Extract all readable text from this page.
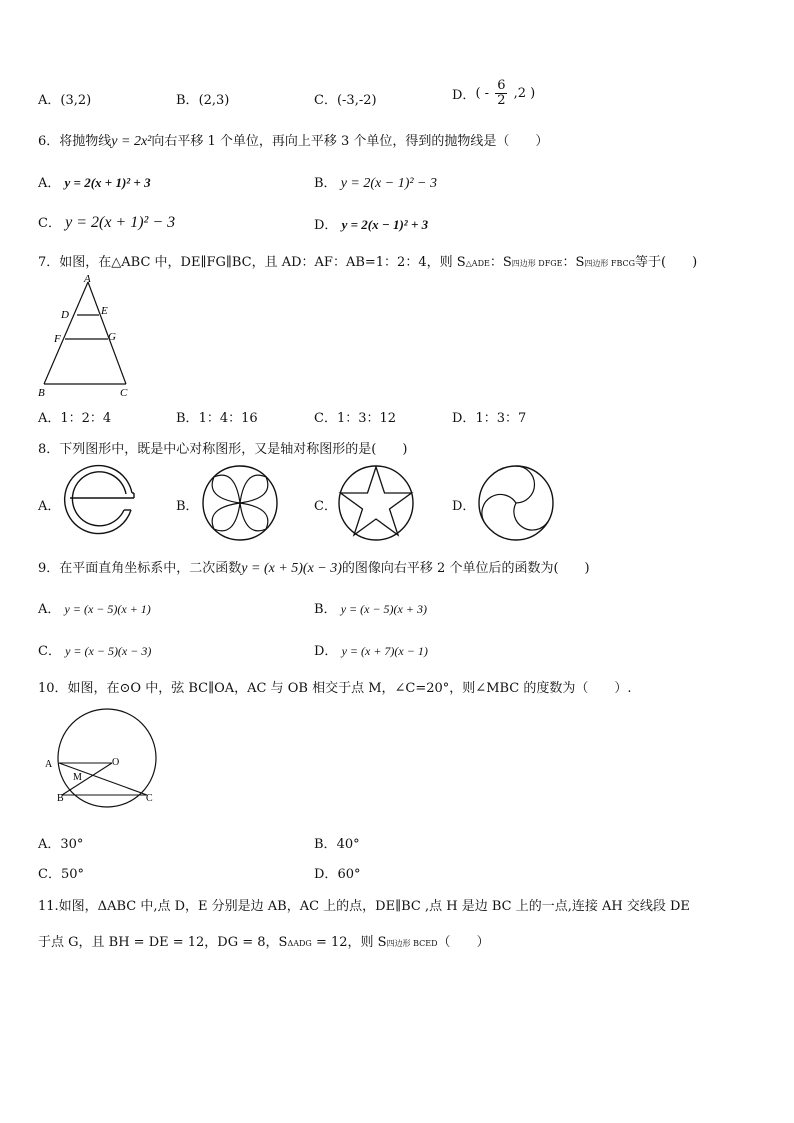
A．(3,2)	B．(2,3)	C．(-3,-2)	D．( - $\frac{6}{2} ,2$ )
6．将抛物线y = 2x²向右平移 1 个单位，再向上平移 3 个单位，得到的抛物线是（　　）
A． y = 2(x + 1)² + 3	B． y = 2(x − 1)² − 3
C． y = 2(x + 1)² − 3	D． y = 2(x − 1)² + 3
7．如图，在△ABC 中，DE∥FG∥BC，且 AD：AF：AB=1：2：4，则 S△ADE：S四边形 DFGE：S四边形 FBCG等于(　　)
A
D	E
F	G
B	C
A．1：2：4	B．1：4：16	C．1：3：12	D．1：3：7
8．下列图形中，既是中心对称图形，又是轴对称图形的是(　　)
A．	B．	C．	D．
9．在平面直角坐标系中，二次函数y = (x + 5)(x − 3)的图像向右平移 2 个单位后的函数为(　　)
A． y = (x − 5)(x + 1)	B． y = (x − 5)(x + 3)
C． y = (x − 5)(x − 3)	D． y = (x + 7)(x − 1)
10．如图，在⊙O 中，弦 BC∥OA，AC 与 OB 相交于点 M，∠C=20°，则∠MBC 的度数为（　　）.
A	O
M
B	C
A．30°	B．40°
C．50°	D．60°
11.如图，ΔABC 中,点 D，E 分别是边 AB，AC 上的点，DE∥BC ,点 H 是边 BC 上的一点,连接 AH 交线段 DE
于点 G，且 BH = DE = 12，DG = 8，SΔADG = 12，则 S四边形 BCED（　　）
